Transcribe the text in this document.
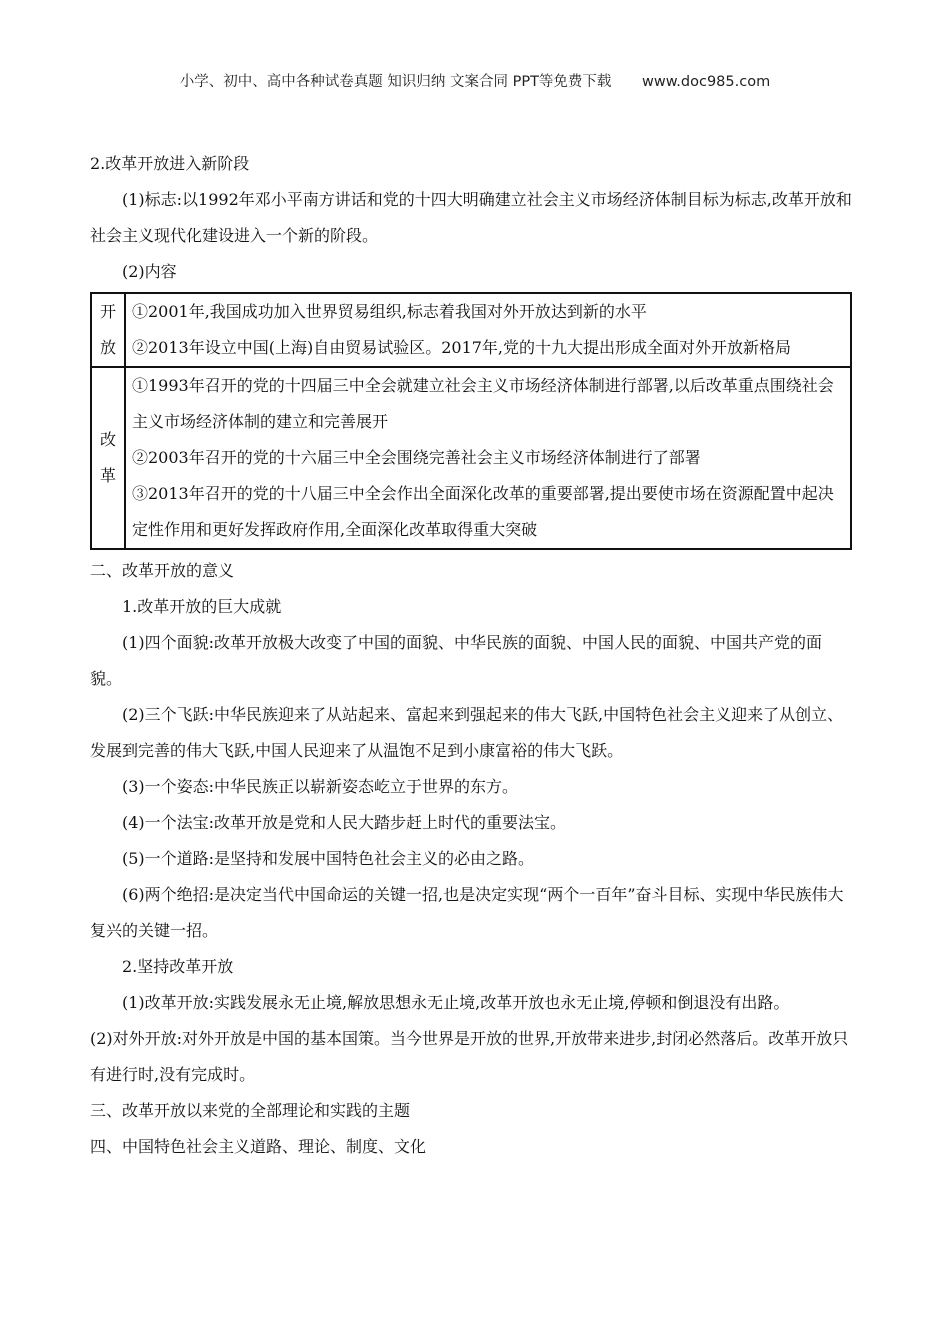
小学、初中、高中各种试卷真题 知识归纳 文案合同 PPT等免费下载 www.doc985.com

2.改革开放进入新阶段

(1)标志:以1992年邓小平南方讲话和党的十四大明确建立社会主义市场经济体制目标为标志,改革开放和社会主义现代化建设进入一个新的阶段。

(2)内容

开
放	①2001年,我国成功加入世界贸易组织,标志着我国对外开放达到新的水平
②2013年设立中国(上海)自由贸易试验区。2017年,党的十九大提出形成全面对外开放新格局

改
革	①1993年召开的党的十四届三中全会就建立社会主义市场经济体制进行部署,以后改革重点围绕社会主义市场经济体制的建立和完善展开
②2003年召开的党的十六届三中全会围绕完善社会主义市场经济体制进行了部署
③2013年召开的党的十八届三中全会作出全面深化改革的重要部署,提出要使市场在资源配置中起决定性作用和更好发挥政府作用,全面深化改革取得重大突破

二、改革开放的意义

1.改革开放的巨大成就

(1)四个面貌:改革开放极大改变了中国的面貌、中华民族的面貌、中国人民的面貌、中国共产党的面貌。

(2)三个飞跃:中华民族迎来了从站起来、富起来到强起来的伟大飞跃,中国特色社会主义迎来了从创立、发展到完善的伟大飞跃,中国人民迎来了从温饱不足到小康富裕的伟大飞跃。

(3)一个姿态:中华民族正以崭新姿态屹立于世界的东方。

(4)一个法宝:改革开放是党和人民大踏步赶上时代的重要法宝。

(5)一个道路:是坚持和发展中国特色社会主义的必由之路。

(6)两个绝招:是决定当代中国命运的关键一招,也是决定实现“两个一百年”奋斗目标、实现中华民族伟大复兴的关键一招。

2.坚持改革开放

(1)改革开放:实践发展永无止境,解放思想永无止境,改革开放也永无止境,停顿和倒退没有出路。

(2)对外开放:对外开放是中国的基本国策。当今世界是开放的世界,开放带来进步,封闭必然落后。改革开放只有进行时,没有完成时。

三、改革开放以来党的全部理论和实践的主题

四、中国特色社会主义道路、理论、制度、文化
